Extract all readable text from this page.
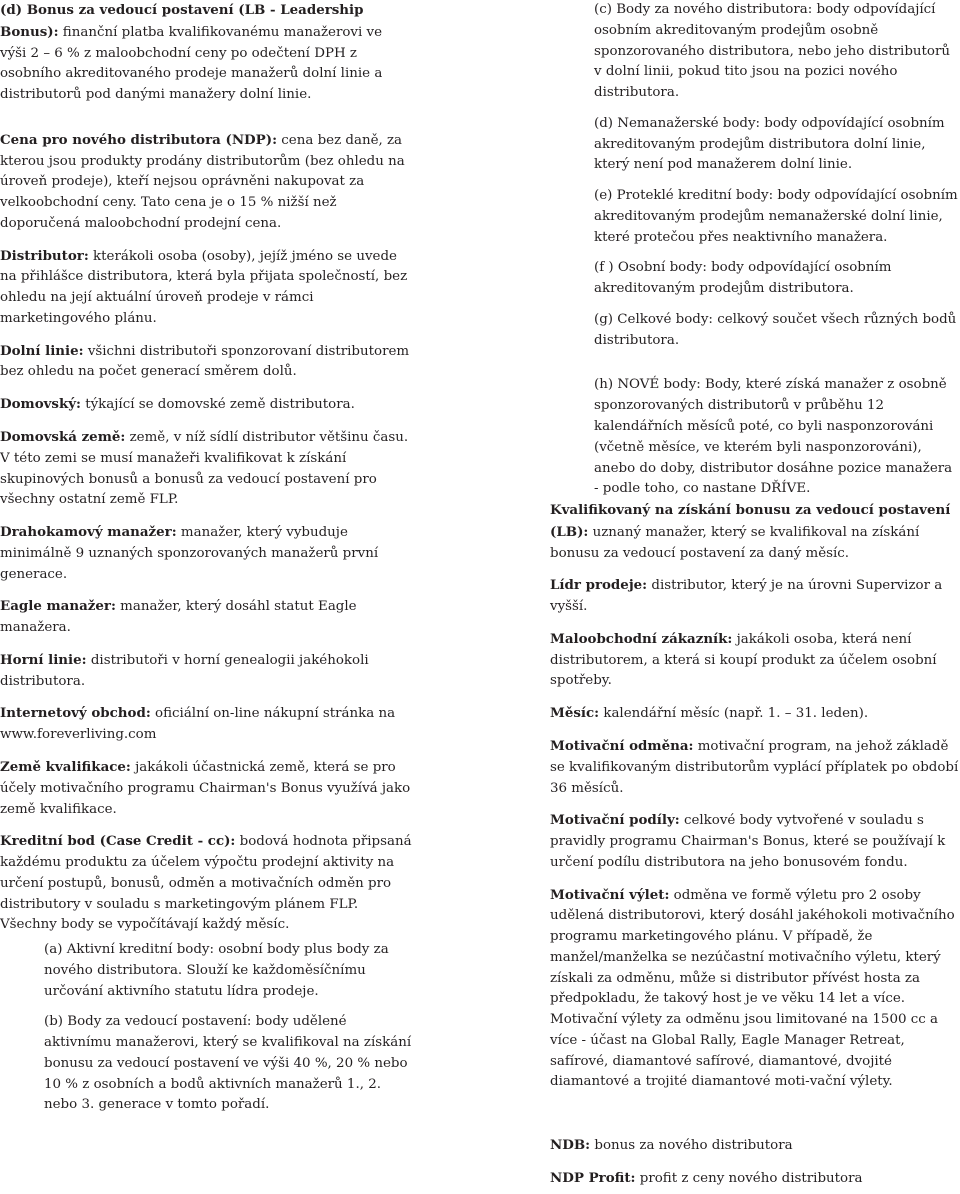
(d) Bonus za vedoucí postavení (LB - Leadership Bonus): finanční platba kvalifikovanému manažerovi ve výši 2 – 6 % z maloobchodní ceny po odečtení DPH z osobního akreditovaného prodeje manažerů dolní linie a distributorů pod danými manažery dolní linie.

Cena pro nového distributora (NDP): cena bez daně, za kterou jsou produkty prodány distributorům (bez ohledu na úroveň prodeje), kteří nejsou oprávněni nakupovat za velkoobchodní ceny. Tato cena je o 15 % nižší než doporučená maloobchodní prodejní cena.

Distributor: kterákoli osoba (osoby), jejíž jméno se uvede na přihlášce distributora, která byla přijata společností, bez ohledu na její aktuální úroveň prodeje v rámci marketingového plánu.

Dolní linie: všichni distributoři sponzorovaní distributorem bez ohledu na počet generací směrem dolů.

Domovský: týkající se domovské země distributora.

Domovská země: země, v níž sídlí distributor většinu času. V této zemi se musí manažeři kvalifikovat k získání skupinových bonusů a bonusů za vedoucí postavení pro všechny ostatní země FLP.

Drahokamový manažer: manažer, který vybuduje minimálně 9 uznaných sponzorovaných manažerů první generace.

Eagle manažer: manažer, který dosáhl statut Eagle manažera.

Horní linie: distributoři v horní genealogii jakéhokoli distributora.

Internetový obchod: oficiální on-line nákupní stránka na www.foreverliving.com

Země kvalifikace: jakákoli účastnická země, která se pro účely motivačního programu Chairman's Bonus využívá jako země kvalifikace.

Kreditní bod (Case Credit - cc): bodová hodnota připsaná každému produktu za účelem výpočtu prodejní aktivity na určení postupů, bonusů, odměn a motivačních odměn pro distributory v souladu s marketingovým plánem FLP. Všechny body se vypočítávají každý měsíc.

(a) Aktivní kreditní body: osobní body plus body za nového distributora. Slouží ke každoměsíčnímu určování aktivního statutu lídra prodeje.

(b) Body za vedoucí postavení: body udělené aktivnímu manažerovi, který se kvalifikoval na získání bonusu za vedoucí postavení ve výši 40 %, 20 % nebo 10 % z osobních a bodů aktivních manažerů 1., 2. nebo 3. generace v tomto pořadí.

(c) Body za nového distributora: body odpovídající osobním akreditovaným prodejům osobně sponzorovaného distributora, nebo jeho distributorů v dolní linii, pokud tito jsou na pozici nového distributora.

(d) Nemanažerské body: body odpovídající osobním akreditovaným prodejům distributora dolní linie, který není pod manažerem dolní linie.

(e) Proteklé kreditní body: body odpovídající osobním akreditovaným prodejům nemanažerské dolní linie, které protečou přes neaktivního manažera.

(f ) Osobní body: body odpovídající osobním akreditovaným prodejům distributora.

(g) Celkové body: celkový součet všech různých bodů distributora.

(h) NOVÉ body: Body, které získá manažer z osobně sponzorovaných distributorů v průběhu 12 kalendářních měsíců poté, co byli nasponzorováni (včetně měsíce, ve kterém byli nasponzorováni), anebo do doby, distributor dosáhne pozice manažera - podle toho, co nastane DŘÍVE.

Kvalifikovaný na získání bonusu za vedoucí postavení (LB): uznaný manažer, který se kvalifikoval na získání bonusu za vedoucí postavení za daný měsíc.

Lídr prodeje: distributor, který je na úrovni Supervizor a vyšší.

Maloobchodní zákazník: jakákoli osoba, která není distributorem, a která si koupí produkt za účelem osobní spotřeby.

Měsíc: kalendářní měsíc (např. 1. – 31. leden).

Motivační odměna: motivační program, na jehož základě se kvalifikovaným distributorům vyplácí příplatek po období 36 měsíců.

Motivační podíly: celkové body vytvořené v souladu s pravidly programu Chairman's Bonus, které se používají k určení podílu distributora na jeho bonusovém fondu.

Motivační výlet: odměna ve formě výletu pro 2 osoby udělená distributorovi, který dosáhl jakéhokoli motivačního programu marketingového plánu. V případě, že manžel/manželka se nezúčastní motivačního výletu, který získali za odměnu, může si distributor přívést hosta za předpokladu, že takový host je ve věku 14 let a více. Motivační výlety za odměnu jsou limitované na 1500 cc a více - účast na Global Rally, Eagle Manager Retreat, safírové, diamantové safírové, diamantové, dvojité diamantové a trojité diamantové moti-vační výlety.

NDB: bonus za nového distributora

NDP Profit: profit z ceny nového distributora
